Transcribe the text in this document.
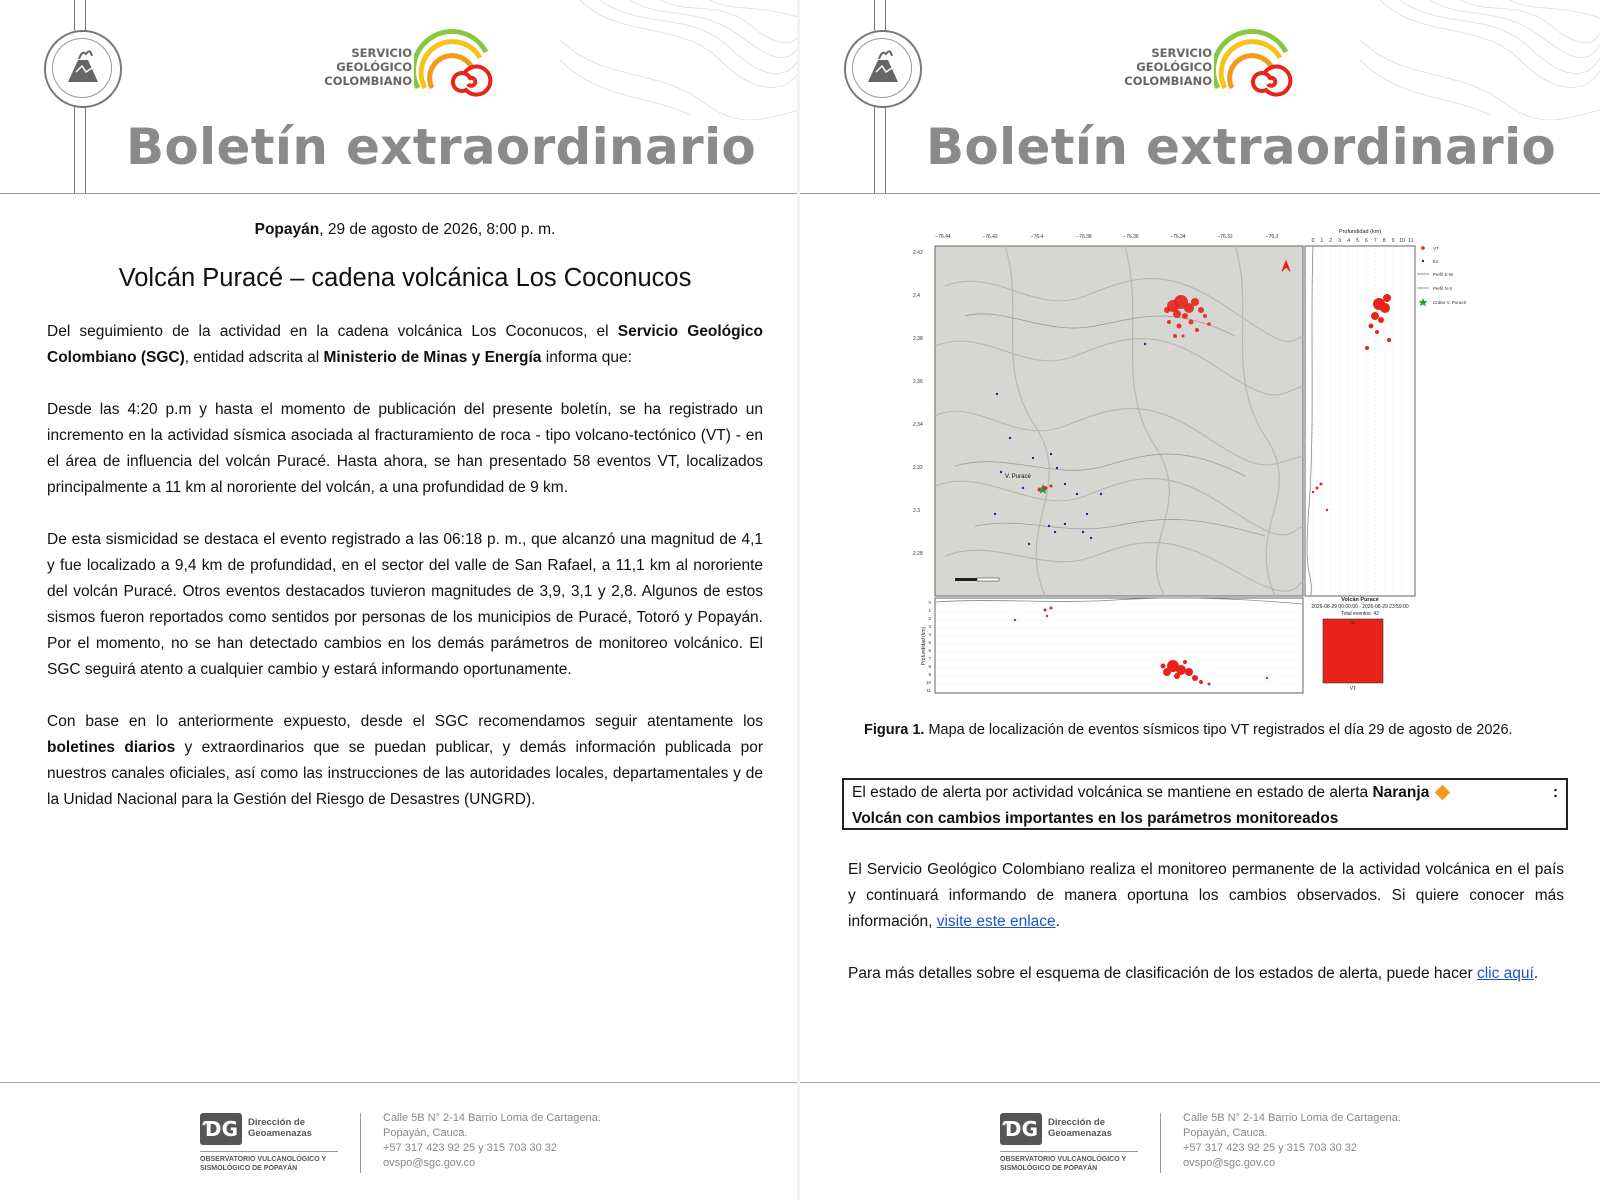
SERVICIO
GEOLÓGICO
COLOMBIANO
Boletín extraordinario
Popayán, 29 de agosto de 2026, 8:00 p. m.
Volcán Puracé – cadena volcánica Los Coconucos

Del seguimiento de la actividad en la cadena volcánica Los Coconucos, el Servicio Geológico Colombiano (SGC), entidad adscrita al Ministerio de Minas y Energía informa que:

Desde las 4:20 p.m y hasta el momento de publicación del presente boletín, se ha registrado un incremento en la actividad sísmica asociada al fracturamiento de roca - tipo volcano-tectónico (VT) - en el área de influencia del volcán Puracé. Hasta ahora, se han presentado 58 eventos VT, localizados principalmente a 11 km al nororiente del volcán, a una profundidad de 9 km.

De esta sismicidad se destaca el evento registrado a las 06:18 p. m., que alcanzó una magnitud de 4,1 y fue localizado a 9,4 km de profundidad, en el sector del valle de San Rafael, a 11,1 km al nororiente del volcán Puracé. Otros eventos destacados tuvieron magnitudes de 3,9, 3,1 y 2,8. Algunos de estos sismos fueron reportados como sentidos por personas de los municipios de Puracé, Totoró y Popayán. Por el momento, no se han detectado cambios en los demás parámetros de monitoreo volcánico. El SGC seguirá atento a cualquier cambio y estará informando oportunamente.

Con base en lo anteriormente expuesto, desde el SGC recomendamos seguir atentamente los boletines diarios y extraordinarios que se puedan publicar, y demás información publicada por nuestros canales oficiales, así como las instrucciones de las autoridades locales, departamentales y de la Unidad Nacional para la Gestión del Riesgo de Desastres (UNGRD).

ƊG	Dirección de
Geoamenazas
OBSERVATORIO VULCANOLÓGICO Y
SISMOLÓGICO DE POPAYÁN
Calle 5B N° 2-14 Barrio Loma de Cartagena.
Popayán, Cauca.
+57 317 423 92 25 y 315 703 30 32
ovspo@sgc.gov.co
SERVICIO
GEOLÓGICO
COLOMBIANO
Boletín extraordinario
ƊG	Dirección de
Geoamenazas
OBSERVATORIO VULCANOLÓGICO Y
SISMOLÓGICO DE POPAYÁN
Calle 5B N° 2-14 Barrio Loma de Cartagena.
Popayán, Cauca.
+57 317 423 92 25 y 315 703 30 32
ovspo@sgc.gov.co
V. Puracé
−76.44	−76.42	−76.4	−76.38	−76.36	−76.34	−76.32	−76.3
2.42
2.4
2.38
2.36
2.34
2.32
2.3
2.28
Profundidad (km)
0 1 2 3 4 5 6 7 8 9 10 11
VT
Ex
Perfil E-W
Perfil N-S
Cráter V. Puracé
Profundidad (km)
0
1
2
3
4
5
6
7
8
9
10
11
Volcán Puracé
2026-08-29 00:00:00 - 2026-08-29 23:59:00
Total eventos: 42
42
VT
Figura 1. Mapa de localización de eventos sísmicos tipo VT registrados el día 29 de agosto de 2026.
El estado de alerta por actividad volcánica se mantiene en estado de alerta Naranja	:
Volcán con cambios importantes en los parámetros monitoreados

El Servicio Geológico Colombiano realiza el monitoreo permanente de la actividad volcánica en el país y continuará informando de manera oportuna los cambios observados. Si quiere conocer más información, visite este enlace.

Para más detalles sobre el esquema de clasificación de los estados de alerta, puede hacer clic aquí.
